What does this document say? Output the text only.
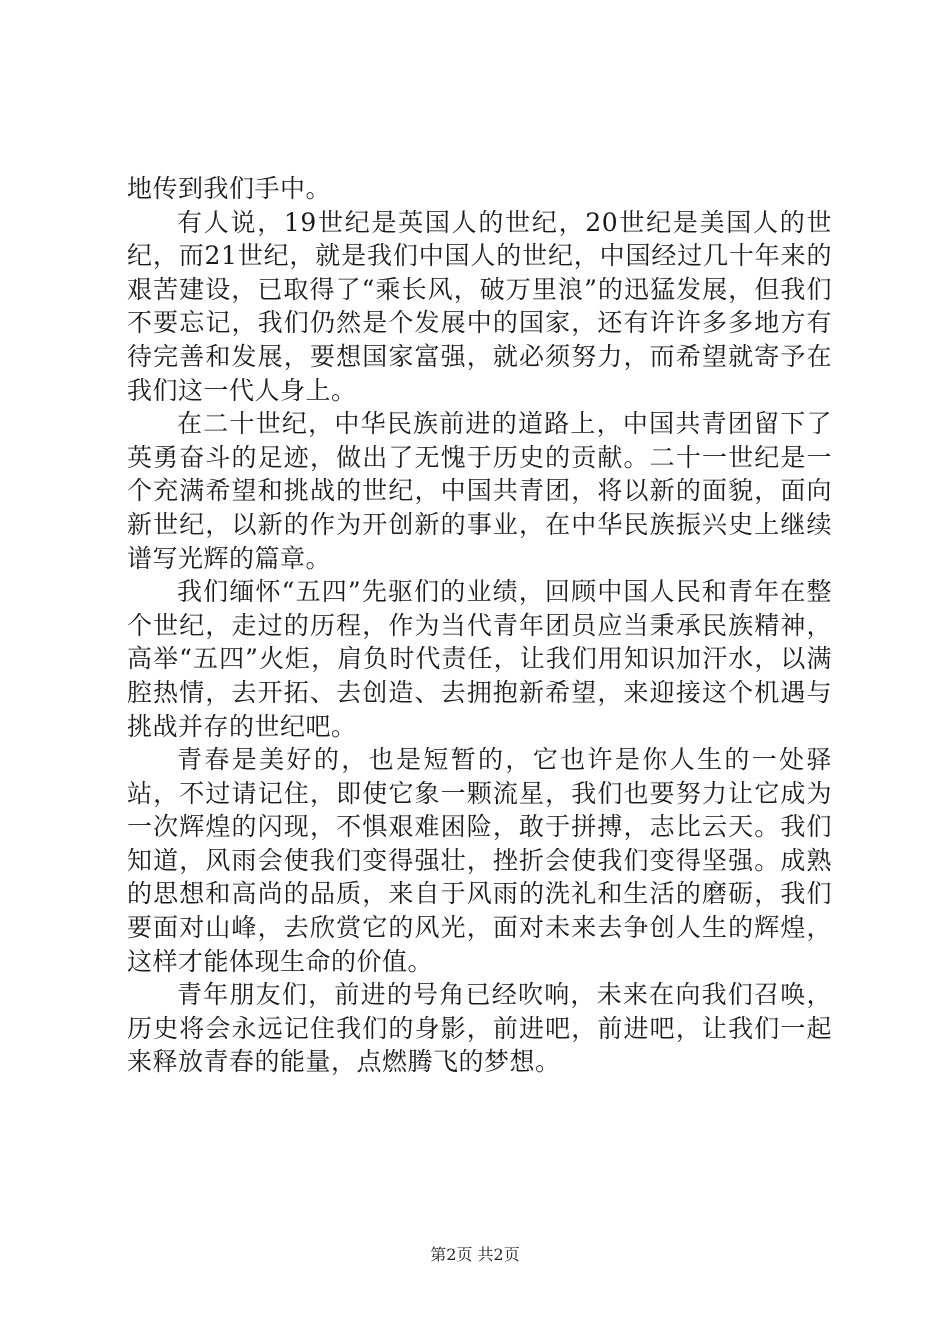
地传到我们手中。

有人说，19世纪是英国人的世纪，20世纪是美国人的世纪，而21世纪，就是我们中国人的世纪，中国经过几十年来的艰苦建设，已取得了“乘长风，破万里浪”的迅猛发展，但我们不要忘记，我们仍然是个发展中的国家，还有许许多多地方有待完善和发展，要想国家富强，就必须努力，而希望就寄予在我们这一代人身上。

在二十世纪，中华民族前进的道路上，中国共青团留下了英勇奋斗的足迹，做出了无愧于历史的贡献。二十一世纪是一个充满希望和挑战的世纪，中国共青团，将以新的面貌，面向新世纪，以新的作为开创新的事业，在中华民族振兴史上继续谱写光辉的篇章。

我们缅怀“五四”先驱们的业绩，回顾中国人民和青年在整个世纪，走过的历程，作为当代青年团员应当秉承民族精神，高举“五四”火炬，肩负时代责任，让我们用知识加汗水，以满腔热情，去开拓、去创造、去拥抱新希望，来迎接这个机遇与挑战并存的世纪吧。

青春是美好的，也是短暂的，它也许是你人生的一处驿站，不过请记住，即使它象一颗流星，我们也要努力让它成为一次辉煌的闪现，不惧艰难困险，敢于拼搏，志比云天。我们知道，风雨会使我们变得强壮，挫折会使我们变得坚强。成熟的思想和高尚的品质，来自于风雨的洗礼和生活的磨砺，我们要面对山峰，去欣赏它的风光，面对未来去争创人生的辉煌，这样才能体现生命的价值。

青年朋友们，前进的号角已经吹响，未来在向我们召唤，历史将会永远记住我们的身影，前进吧，前进吧，让我们一起来释放青春的能量，点燃腾飞的梦想。

第2页 共2页
